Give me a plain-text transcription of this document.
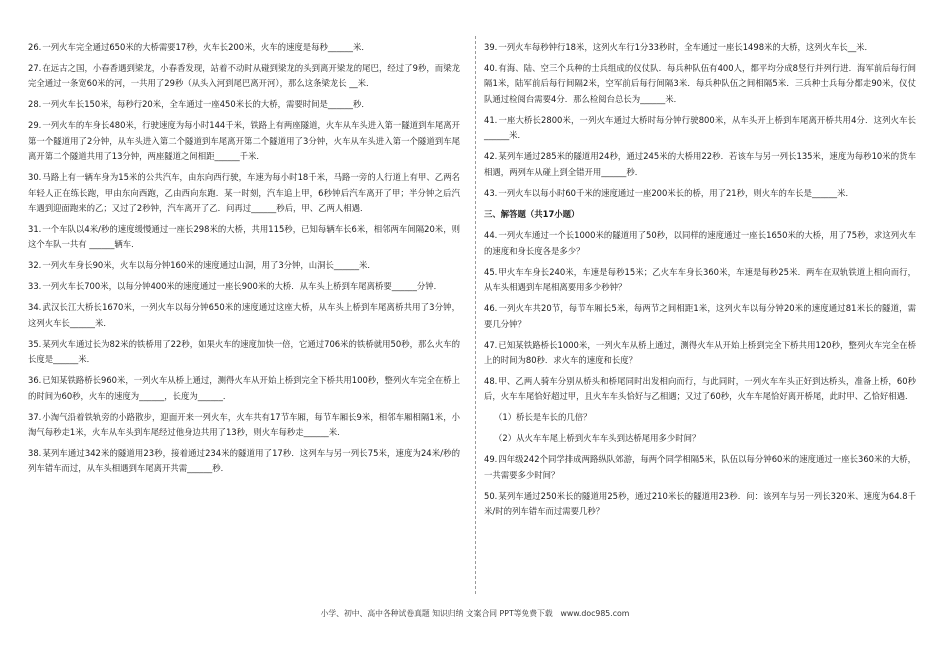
26.一列火车完全通过650米的大桥需要17秒，火车长200米，火车的速度是每秒______米．

27.在远古之国，小春香遇到梁龙，小春香发现，站着不动时从碰到梁龙的头到离开梁龙的尾巴，经过了9秒，而梁龙完全通过一条宽60米的河，一共用了29秒（从头入河到尾巴离开河），那么这条梁龙长 __米．

28.一列火车长150米，每秒行20米，全车通过一座450米长的大桥，需要时间是______秒．

29.一列火车的车身长480米，行驶速度为每小时144千米，铁路上有两座隧道，火车从车头进入第一隧道到车尾离开第一个隧道用了2分钟，从车头进入第二个隧道到车尾离开第二个隧道用了3分钟，火车从车头进入第一个隧道到车尾离开第二个隧道共用了13分钟，两座隧道之间相距______千米．

30.马路上有一辆车身为15米的公共汽车，由东向西行驶，车速为每小时18千米，马路一旁的人行道上有甲、乙两名年轻人正在练长跑，甲由东向西跑，乙由西向东跑．某一时刻，汽车追上甲，6秒钟后汽车离开了甲；半分钟之后汽车遇到迎面跑来的乙；又过了2秒钟，汽车离开了乙．问再过______秒后，甲、乙两人相遇．

31.一个车队以4米/秒的速度缓慢通过一座长298米的大桥，共用115秒，已知每辆车长6米，相邻两车间隔20米，则这个车队一共有 ______辆车．

32.一列火车身长90米，火车以每分钟160米的速度通过山洞，用了3分钟，山洞长______米．

33.一列火车长700米，以每分钟400米的速度通过一座长900米的大桥．从车头上桥到车尾离桥要______分钟．

34.武汉长江大桥长1670米，一列火车以每分钟650米的速度通过这座大桥，从车头上桥到车尾离桥共用了3分钟，这列火车长______米．

35.某列火车通过长为82米的铁桥用了22秒，如果火车的速度加快一倍，它通过706米的铁桥就用50秒，那么火车的长度是______米．

36.已知某铁路桥长960米，一列火车从桥上通过，测得火车从开始上桥到完全下桥共用100秒，整列火车完全在桥上的时间为60秒，火车的速度为______，长度为______．

37.小淘气沿着铁轨旁的小路散步，迎面开来一列火车，火车共有17节车厢，每节车厢长9米，相邻车厢相隔1米，小淘气每秒走1米，火车从车头到车尾经过他身边共用了13秒，则火车每秒走______米．

38.某列车通过342米的隧道用23秒，接着通过234米的隧道用了17秒．这列车与另一列长75米，速度为24米/秒的列车错车而过，从车头相遇到车尾离开共需______秒．

39.一列火车每秒钟行18米，这列火车行1分33秒时，全车通过一座长1498米的大桥，这列火车长__米．

40.有海、陆、空三个兵种的士兵组成的仪仗队．每兵种队伍有400人，都平均分成8竖行并列行进．海军前后每行间隔1米，陆军前后每行间隔2米，空军前后每行间隔3米．每兵种队伍之间相隔5米．三兵种士兵每分都走90米，仪仗队通过检阅台需要4分．那么检阅台总长为______米．

41.一座大桥长2800米，一列火车通过大桥时每分钟行驶800米，从车头开上桥到车尾离开桥共用4分．这列火车长______米．

42.某列车通过285米的隧道用24秒，通过245米的大桥用22秒．若该车与另一列长135米，速度为每秒10米的货车相遇，两列车从碰上到全错开用______秒．

43.一列火车以每小时60千米的速度通过一座200米长的桥，用了21秒，则火车的车长是______米．

三、解答题（共17小题）

44.一列火车通过一个长1000米的隧道用了50秒，以同样的速度通过一座长1650米的大桥，用了75秒，求这列火车的速度和身长度各是多少？

45.甲火车车身长240米，车速是每秒15米；乙火车车身长360米，车速是每秒25米．两车在双轨铁道上相向而行，从车头相遇到车尾相离要用多少秒钟？

46.一列火车共20节，每节车厢长5米，每两节之间相距1米，这列火车以每分钟20米的速度通过81米长的隧道，需要几分钟？

47.已知某铁路桥长1000米，一列火车从桥上通过，测得火车从开始上桥到完全下桥共用120秒，整列火车完全在桥上的时间为80秒．求火车的速度和长度？

48.甲、乙两人骑车分别从桥头和桥尾同时出发相向而行，与此同时，一列火车车头正好到达桥头，准备上桥，60秒后，火车车尾恰好超过甲，且火车车头恰好与乙相遇；又过了60秒，火车车尾恰好离开桥尾，此时甲、乙恰好相遇．

（1）桥长是车长的几倍？

（2）从火车车尾上桥到火车车头到达桥尾用多少时间？

49.四年级242个同学排成两路纵队郊游，每两个同学相隔5米，队伍以每分钟60米的速度通过一座长360米的大桥，一共需要多少时间？

50.某列车通过250米长的隧道用25秒，通过210米长的隧道用23秒．问：该列车与另一列长320米、速度为64.8千米/时的列车错车而过需要几秒？

小学、初中、高中各种试卷真题 知识归纳 文案合同 PPT等免费下载　www.doc985.com
